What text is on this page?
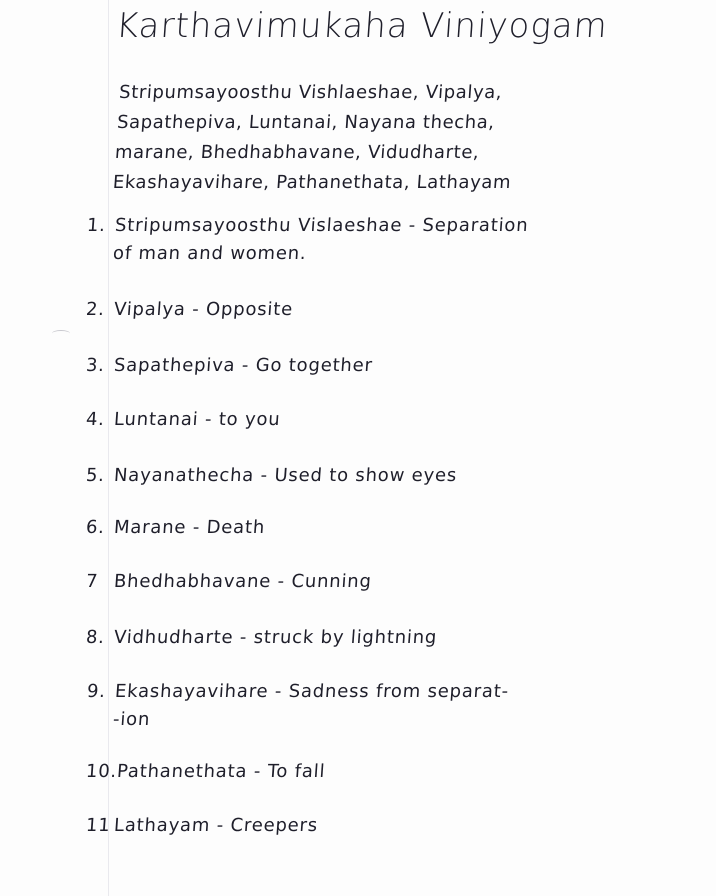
Karthavimukaha Viniyogam
Stripumsayoosthu Vishlaeshae, Vipalya,
Sapathepiva, Luntanai, Nayana thecha,
marane, Bhedhabhavane, Vidudharte,
Ekashayavihare, Pathanethata, Lathayam
1. Stripumsayoosthu Vislaeshae - Separation
of man and women.
2. Vipalya - Opposite
3. Sapathepiva - Go together
4. Luntanai - to you
5. Nayanathecha - Used to show eyes
6. Marane - Death
7 Bhedhabhavane - Cunning
8. Vidhudharte - struck by lightning
9. Ekashayavihare - Sadness from separat-
-ion
10.Pathanethata - To fall
11 Lathayam - Creepers
